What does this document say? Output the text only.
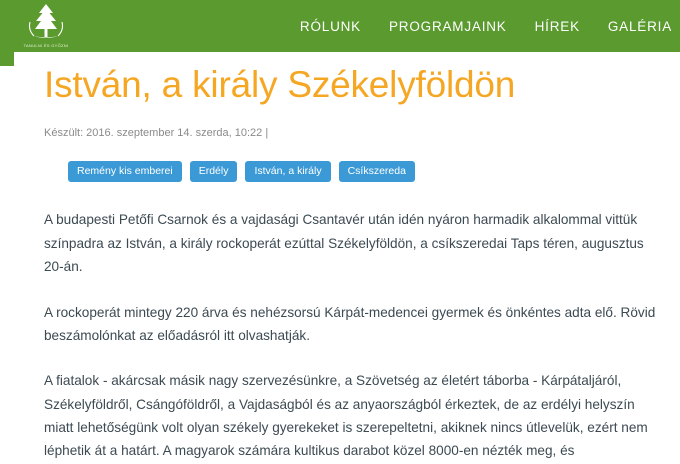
TANULNI ÉS GYŐZNI
RÓLUNK PROGRAMJAINK HÍREK GALÉRIA
István, a király Székelyföldön
Készült: 2016. szeptember 14. szerda, 10:22 |
Remény kis emberei	Erdély	István, a király	Csíkszereda

A budapesti Petőfi Csarnok és a vajdasági Csantavér után idén nyáron harmadik alkalommal vittük színpadra az István, a király rockoperát ezúttal Székelyföldön, a csíkszeredai Taps téren, augusztus 20-án.

A rockoperát mintegy 220 árva és nehézsorsú Kárpát-medencei gyermek és önkéntes adta elő. Rövid beszámolónkat az előadásról itt olvashatják.

A fiatalok - akárcsak másik nagy szervezésünkre, a Szövetség az életért táborba - Kárpátaljáról, Székelyföldről, Csángóföldről, a Vajdaságból és az anyaországból érkeztek, de az erdélyi helyszín miatt lehetőségünk volt olyan székely gyerekeket is szerepeltetni, akiknek nincs útlevelük, ezért nem léphetik át a határt. A magyarok számára kultikus darabot közel 8000-en nézték meg, és
